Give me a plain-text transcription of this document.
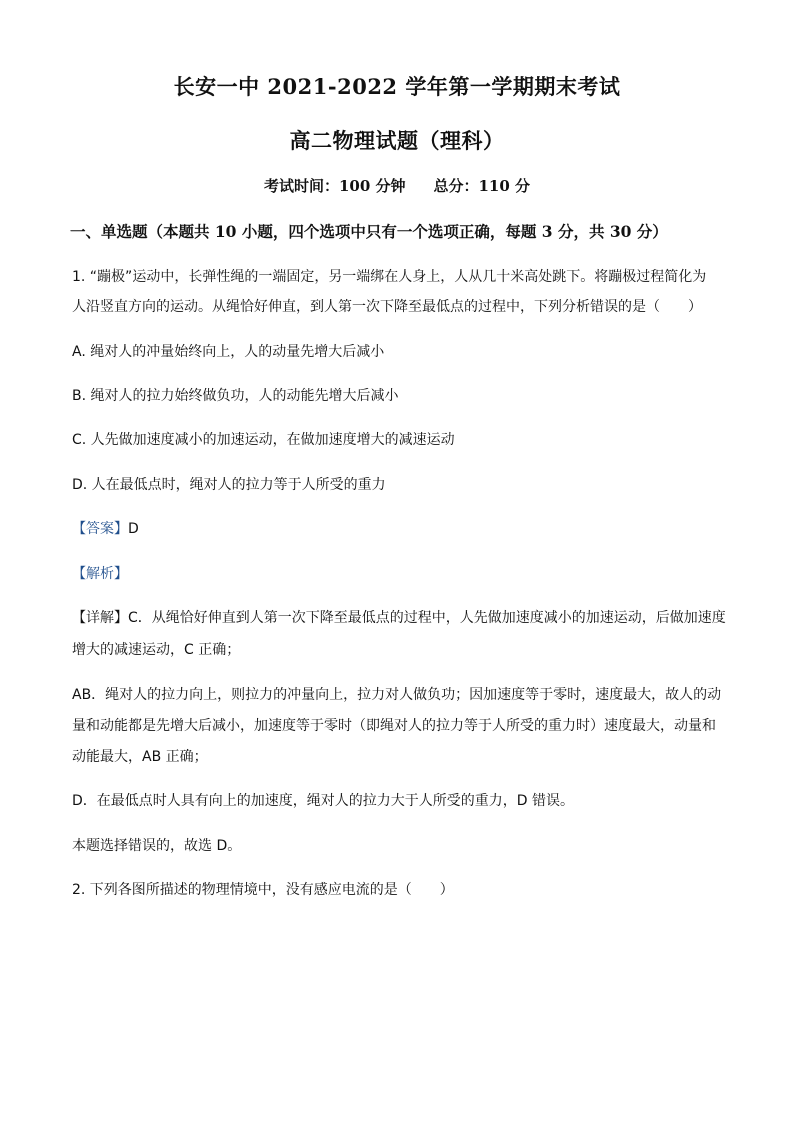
长安一中 2021-2022 学年第一学期期末考试
高二物理试题（理科）
考试时间：100 分钟 总分：110 分
一、单选题（本题共 10 小题，四个选项中只有一个选项正确，每题 3 分，共 30 分）
1. “蹦极”运动中，长弹性绳的一端固定，另一端绑在人身上，人从几十米高处跳下。将蹦极过程简化为
人沿竖直方向的运动。从绳恰好伸直，到人第一次下降至最低点的过程中，下列分析错误的是（　　）
A. 绳对人的冲量始终向上，人的动量先增大后减小
B. 绳对人的拉力始终做负功，人的动能先增大后减小
C. 人先做加速度减小的加速运动，在做加速度增大的减速运动
D. 人在最低点时，绳对人的拉力等于人所受的重力
【答案】D
【解析】
【详解】C．从绳恰好伸直到人第一次下降至最低点的过程中，人先做加速度减小的加速运动，后做加速度
增大的减速运动，C 正确；
AB．绳对人的拉力向上，则拉力的冲量向上，拉力对人做负功；因加速度等于零时，速度最大，故人的动
量和动能都是先增大后减小，加速度等于零时（即绳对人的拉力等于人所受的重力时）速度最大，动量和
动能最大，AB 正确；
D．在最低点时人具有向上的加速度，绳对人的拉力大于人所受的重力，D 错误。
本题选择错误的，故选 D。
2. 下列各图所描述的物理情境中，没有感应电流的是（　　）
